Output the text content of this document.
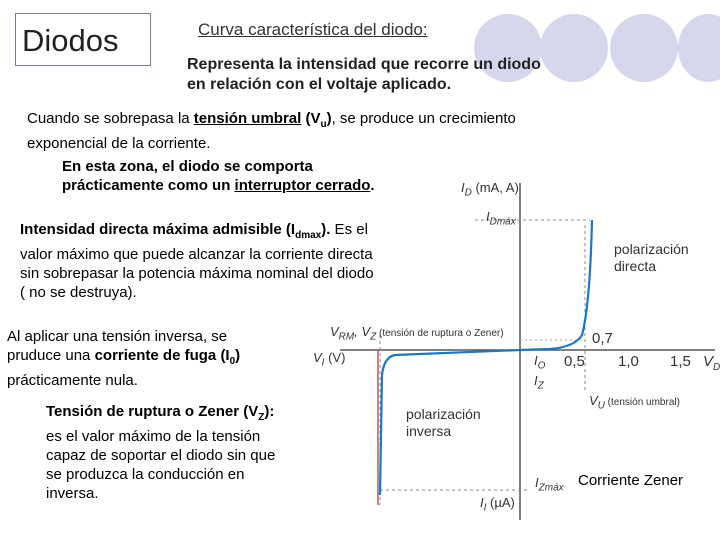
Diodos	Curva característica del diodo:
Representa la intensidad que recorre un diodo
en relación con el voltaje aplicado.
Cuando se sobrepasa la tensión umbral $(V_u)$, se produce un crecimiento
exponencial de la corriente.
En esta zona, el diodo se comporta
prácticamente como un interruptor cerrado.	$I_D$ (mA, A)
$I_{Dmáx}$
polarización
directa
$V_{RM}$, $V_Z$ (tensión de ruptura o Zener)
$V_I$ (V)
0,7
$I_O$
$I_Z$
0,5 1,0 1,5 $V_D$
$V_U$ (tensión umbral)
polarización
inversa
$I_{Zmáx}$
$I_I$ (µA)
Intensidad directa máxima admisible $(I_{dmax})$. Es el
valor máximo que puede alcanzar la corriente directa
sin sobrepasar la potencia máxima nominal del diodo
( no se destruya).
Al aplicar una tensión inversa, se
pruduce una corriente de fuga $(I_0)$
prácticamente nula.
Tensión de ruptura o Zener $(V_Z)$:
es el valor máximo de la tensión
capaz de soportar el diodo sin que
se produzca la conducción en
inversa.
Corriente Zener
